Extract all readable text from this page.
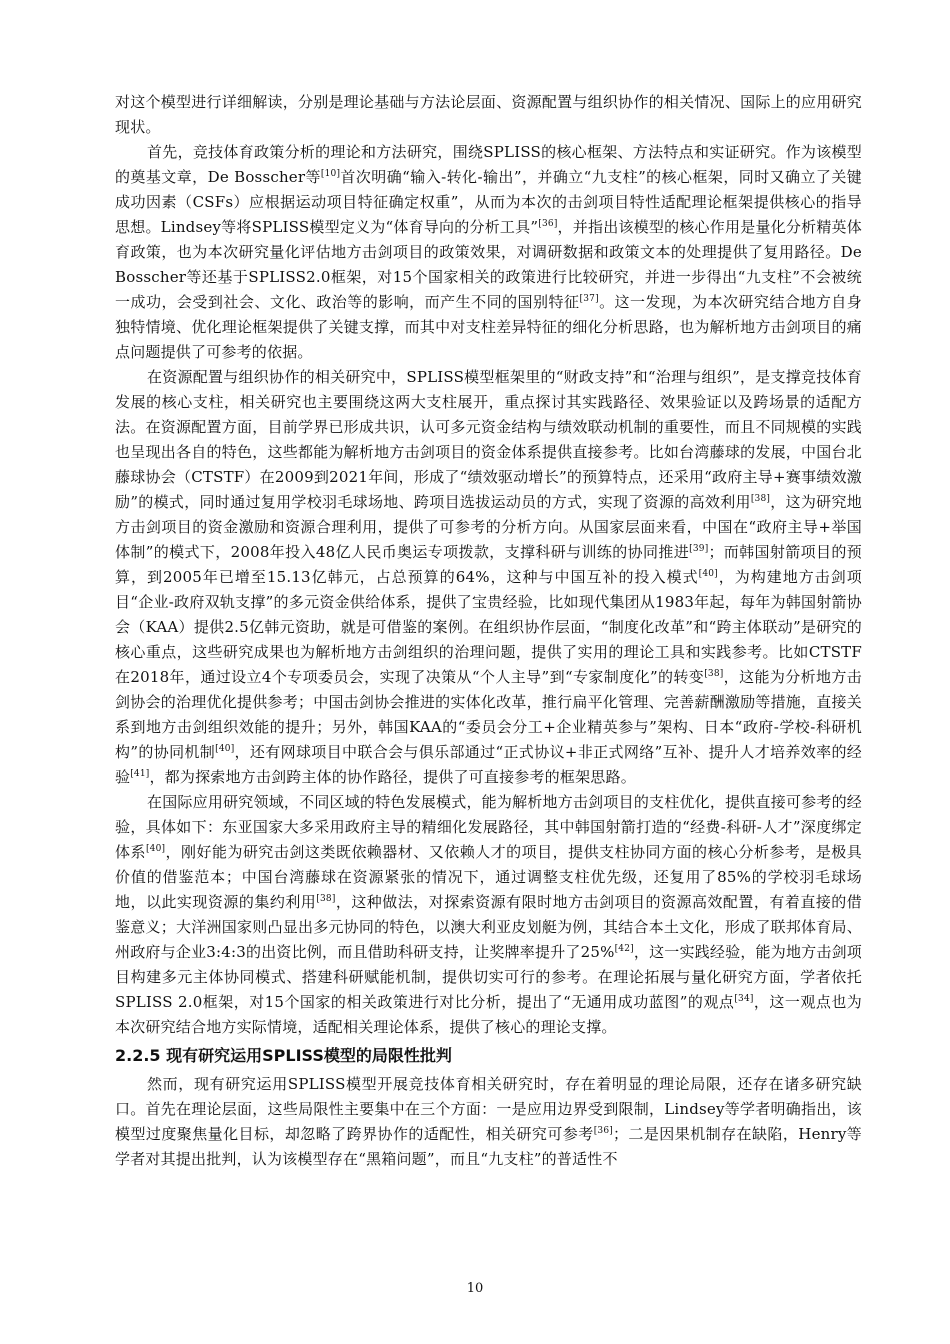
对这个模型进行详细解读，分别是理论基础与方法论层面、资源配置与组织协作的相关情况、国际上的应用研究现状。

首先，竞技体育政策分析的理论和方法研究，围绕SPLISS的核心框架、方法特点和实证研究。作为该模型的奠基文章，De Bosscher等[10]首次明确“输入-转化-输出”，并确立“九支柱”的核心框架，同时又确立了关键成功因素（CSFs）应根据运动项目特征确定权重”，从而为本次的击剑项目特性适配理论框架提供核心的指导思想。Lindsey等将SPLISS模型定义为“体育导向的分析工具”[36]，并指出该模型的核心作用是量化分析精英体育政策，也为本次研究量化评估地方击剑项目的政策效果，对调研数据和政策文本的处理提供了复用路径。De Bosscher等还基于SPLISS2.0框架，对15个国家相关的政策进行比较研究，并进一步得出“九支柱”不会被统一成功，会受到社会、文化、政治等的影响，而产生不同的国别特征[37]。这一发现，为本次研究结合地方自身独特情境、优化理论框架提供了关键支撑，而其中对支柱差异特征的细化分析思路，也为解析地方击剑项目的痛点问题提供了可参考的依据。

在资源配置与组织协作的相关研究中，SPLISS模型框架里的“财政支持”和“治理与组织”，是支撑竞技体育发展的核心支柱，相关研究也主要围绕这两大支柱展开，重点探讨其实践路径、效果验证以及跨场景的适配方法。在资源配置方面，目前学界已形成共识，认可多元资金结构与绩效联动机制的重要性，而且不同规模的实践也呈现出各自的特色，这些都能为解析地方击剑项目的资金体系提供直接参考。比如台湾藤球的发展，中国台北藤球协会（CTSTF）在2009到2021年间，形成了“绩效驱动增长”的预算特点，还采用“政府主导+赛事绩效激励”的模式，同时通过复用学校羽毛球场地、跨项目选拔运动员的方式，实现了资源的高效利用[38]，这为研究地方击剑项目的资金激励和资源合理利用，提供了可参考的分析方向。从国家层面来看，中国在“政府主导+举国体制”的模式下，2008年投入48亿人民币奥运专项拨款，支撑科研与训练的协同推进[39]；而韩国射箭项目的预算，到2005年已增至15.13亿韩元，占总预算的64%，这种与中国互补的投入模式[40]，为构建地方击剑项目“企业-政府双轨支撑”的多元资金供给体系，提供了宝贵经验，比如现代集团从1983年起，每年为韩国射箭协会（KAA）提供2.5亿韩元资助，就是可借鉴的案例。在组织协作层面，“制度化改革”和“跨主体联动”是研究的核心重点，这些研究成果也为解析地方击剑组织的治理问题，提供了实用的理论工具和实践参考。比如CTSTF在2018年，通过设立4个专项委员会，实现了决策从“个人主导”到“专家制度化”的转变[38]，这能为分析地方击剑协会的治理优化提供参考；中国击剑协会推进的实体化改革，推行扁平化管理、完善薪酬激励等措施，直接关系到地方击剑组织效能的提升；另外，韩国KAA的“委员会分工+企业精英参与”架构、日本“政府-学校-科研机构”的协同机制[40]，还有网球项目中联合会与俱乐部通过“正式协议+非正式网络”互补、提升人才培养效率的经验[41]，都为探索地方击剑跨主体的协作路径，提供了可直接参考的框架思路。

在国际应用研究领域，不同区域的特色发展模式，能为解析地方击剑项目的支柱优化，提供直接可参考的经验，具体如下：东亚国家大多采用政府主导的精细化发展路径，其中韩国射箭打造的“经费-科研-人才”深度绑定体系[40]，刚好能为研究击剑这类既依赖器材、又依赖人才的项目，提供支柱协同方面的核心分析参考，是极具价值的借鉴范本；中国台湾藤球在资源紧张的情况下，通过调整支柱优先级，还复用了85%的学校羽毛球场地，以此实现资源的集约利用[38]，这种做法，对探索资源有限时地方击剑项目的资源高效配置，有着直接的借鉴意义；大洋洲国家则凸显出多元协同的特色，以澳大利亚皮划艇为例，其结合本土文化，形成了联邦体育局、州政府与企业3:4:3的出资比例，而且借助科研支持，让奖牌率提升了25%[42]，这一实践经验，能为地方击剑项目构建多元主体协同模式、搭建科研赋能机制，提供切实可行的参考。在理论拓展与量化研究方面，学者依托SPLISS 2.0框架，对15个国家的相关政策进行对比分析，提出了“无通用成功蓝图”的观点[34]，这一观点也为本次研究结合地方实际情境，适配相关理论体系，提供了核心的理论支撑。

2.2.5 现有研究运用SPLISS模型的局限性批判

然而，现有研究运用SPLISS模型开展竞技体育相关研究时，存在着明显的理论局限，还存在诸多研究缺口。首先在理论层面，这些局限性主要集中在三个方面：一是应用边界受到限制，Lindsey等学者明确指出，该模型过度聚焦量化目标，却忽略了跨界协作的适配性，相关研究可参考[36]；二是因果机制存在缺陷，Henry等学者对其提出批判，认为该模型存在“黑箱问题”，而且“九支柱”的普适性不

10
